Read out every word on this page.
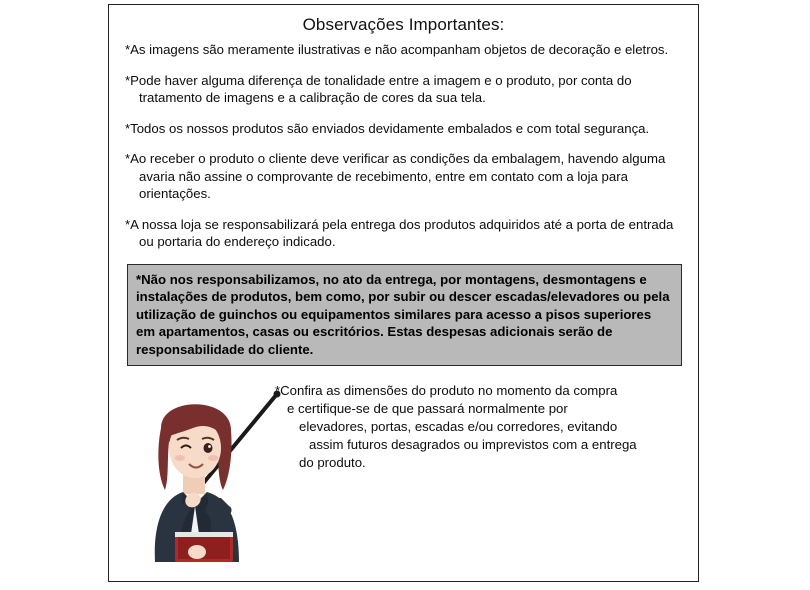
Observações Importantes:

*As imagens são meramente ilustrativas e não acompanham objetos de decoração e eletros.

*Pode haver alguma diferença de tonalidade entre a imagem e o produto, por conta do tratamento de imagens e a calibração de cores da sua tela.

*Todos os nossos produtos são enviados devidamente embalados e com total segurança.

*Ao receber o produto o cliente deve verificar as condições da embalagem, havendo alguma avaria não assine o comprovante de recebimento, entre em contato com a loja para orientações.

*A nossa loja se responsabilizará pela entrega dos produtos adquiridos até a porta de entrada ou portaria do endereço indicado.

*Não nos responsabilizamos, no ato da entrega, por montagens, desmontagens e instalações de produtos, bem como, por subir ou descer escadas/elevadores ou pela utilização de guinchos ou equipamentos similares para acesso a pisos superiores em apartamentos, casas ou escritórios. Estas despesas adicionais serão de responsabilidade do cliente.
*Confira as dimensões do produto no momento da compra
e certifique-se de que passará normalmente por
elevadores, portas, escadas e/ou corredores, evitando
assim futuros desagrados ou imprevistos com a entrega
do produto.
